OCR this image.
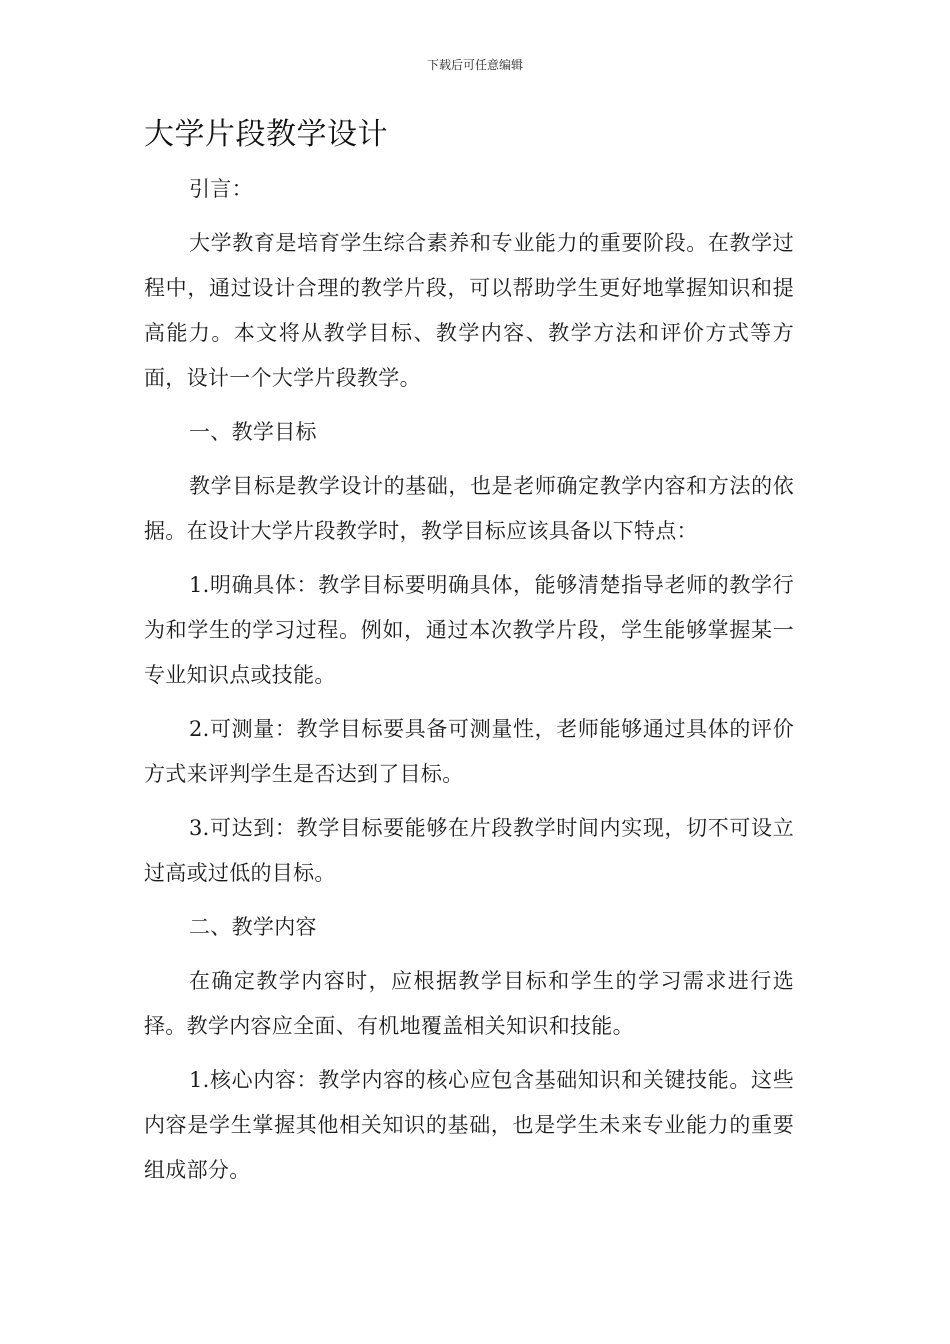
下载后可任意编辑
大学片段教学设计

引言：

大学教育是培育学生综合素养和专业能力的重要阶段。在教学过程中，通过设计合理的教学片段，可以帮助学生更好地掌握知识和提高能力。本文将从教学目标、教学内容、教学方法和评价方式等方面，设计一个大学片段教学。

一、教学目标

教学目标是教学设计的基础，也是老师确定教学内容和方法的依据。在设计大学片段教学时，教学目标应该具备以下特点：

1.明确具体：教学目标要明确具体，能够清楚指导老师的教学行为和学生的学习过程。例如，通过本次教学片段，学生能够掌握某一专业知识点或技能。

2.可测量：教学目标要具备可测量性，老师能够通过具体的评价方式来评判学生是否达到了目标。

3.可达到：教学目标要能够在片段教学时间内实现，切不可设立过高或过低的目标。

二、教学内容

在确定教学内容时，应根据教学目标和学生的学习需求进行选择。教学内容应全面、有机地覆盖相关知识和技能。

1.核心内容：教学内容的核心应包含基础知识和关键技能。这些内容是学生掌握其他相关知识的基础，也是学生未来专业能力的重要组成部分。
